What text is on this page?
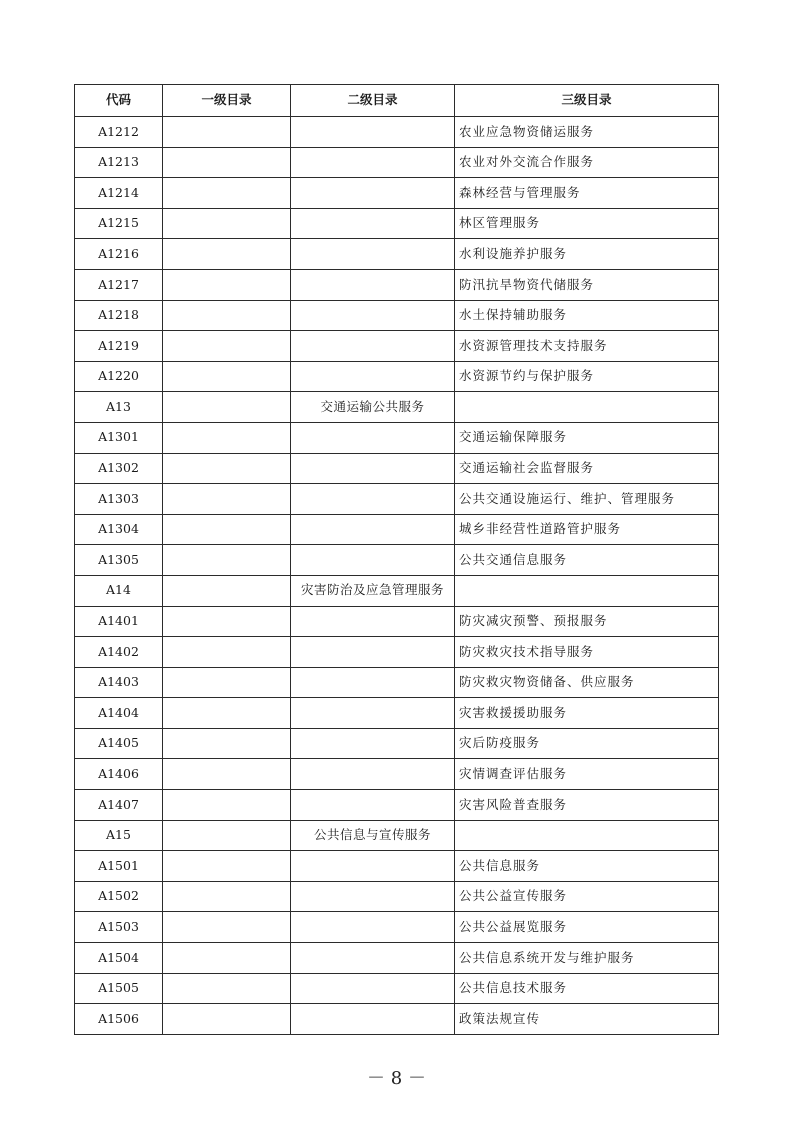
代码	一级目录	二级目录	三级目录
A1212			农业应急物资储运服务
A1213			农业对外交流合作服务
A1214			森林经营与管理服务
A1215			林区管理服务
A1216			水利设施养护服务
A1217			防汛抗旱物资代储服务
A1218			水土保持辅助服务
A1219			水资源管理技术支持服务
A1220			水资源节约与保护服务
A13		交通运输公共服务	
A1301			交通运输保障服务
A1302			交通运输社会监督服务
A1303			公共交通设施运行、维护、管理服务
A1304			城乡非经营性道路管护服务
A1305			公共交通信息服务
A14		灾害防治及应急管理服务	
A1401			防灾减灾预警、预报服务
A1402			防灾救灾技术指导服务
A1403			防灾救灾物资储备、供应服务
A1404			灾害救援援助服务
A1405			灾后防疫服务
A1406			灾情调查评估服务
A1407			灾害风险普查服务
A15		公共信息与宣传服务	
A1501			公共信息服务
A1502			公共公益宣传服务
A1503			公共公益展览服务
A1504			公共信息系统开发与维护服务
A1505			公共信息技术服务
A1506			政策法规宣传
－ 8 －
